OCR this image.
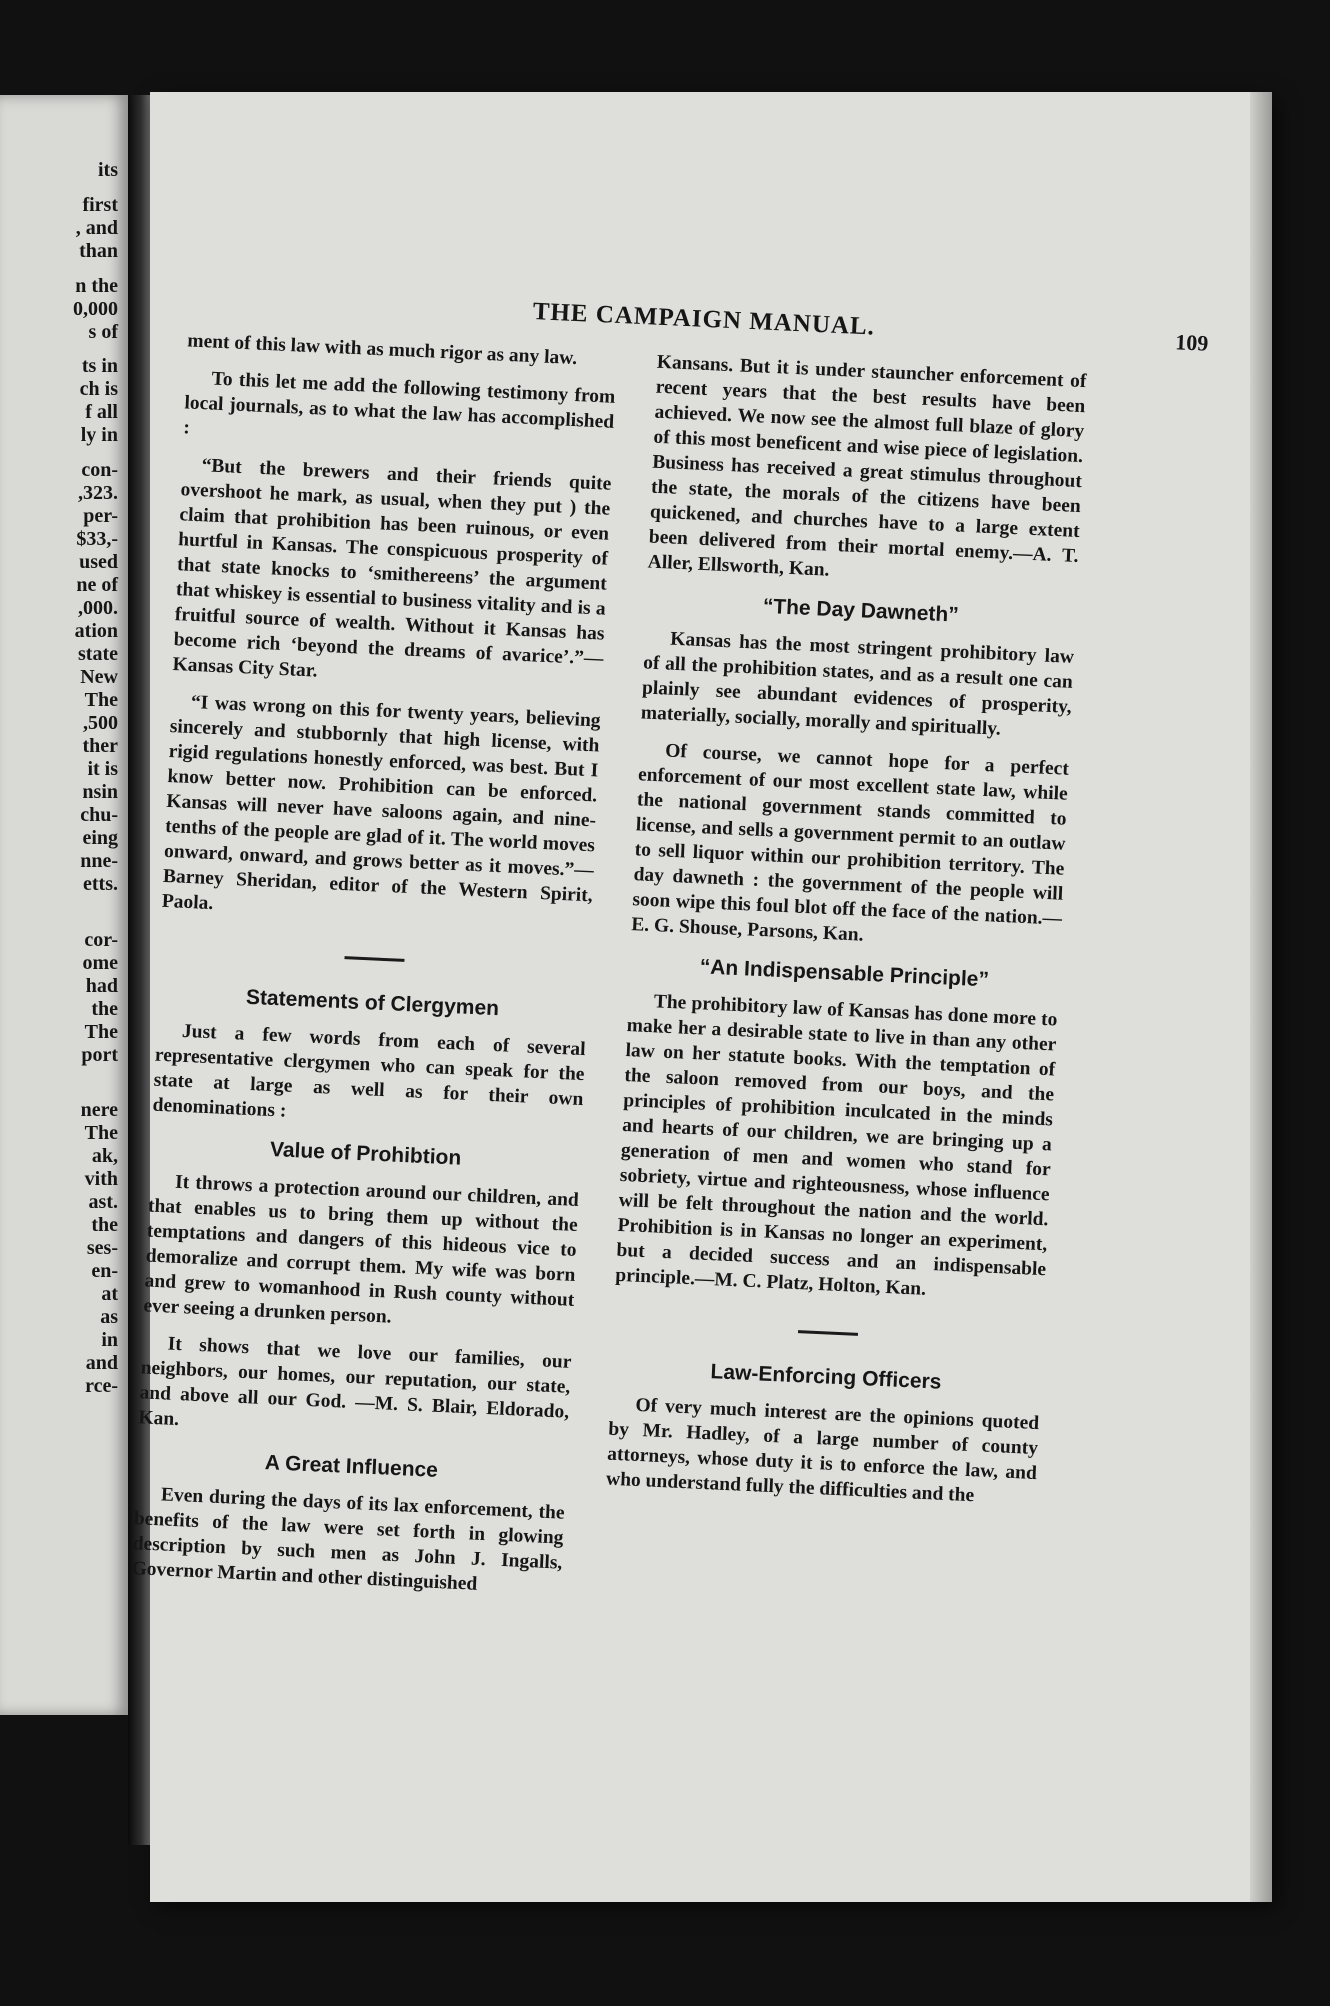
its
first
, and
than
n the
0,000
s of
ts in
ch is
f all
ly in
con-
,323.
per-
$33,-
used
ne of
,000.
ation
state
New
The
,500
ther
it is
nsin
chu-
eing
nne-
etts.
cor-
ome
had
the
The
port
nere
The
ak,
vith
ast.
the
ses-
en-
at
as
in
and
rce-
THE CAMPAIGN MANUAL.
109

ment of this law with as much rigor as any law.

To this let me add the following testimony from local journals, as to what the law has accomplished :

“But the brewers and their friends quite overshoot he mark, as usual, when they put ) the claim that prohibition has been ruinous, or even hurtful in Kansas. The conspicuous prosperity of that state knocks to ‘smithereens’ the argument that whiskey is essential to business vitality and is a fruitful source of wealth. Without it Kansas has become rich ‘beyond the dreams of avarice’.”—Kansas City Star.

“I was wrong on this for twenty years, believing sincerely and stubbornly that high license, with rigid regulations honestly enforced, was best. But I know better now. Prohibition can be enforced. Kansas will never have saloons again, and nine-tenths of the people are glad of it. The world moves onward, onward, and grows better as it moves.”—Barney Sheridan, editor of the Western Spirit, Paola.

Statements of Clergymen

Just a few words from each of several representative clergymen who can speak for the state at large as well as for their own denominations :

Value of Prohibtion

It throws a protection around our children, and that enables us to bring them up without the temptations and dangers of this hideous vice to demoralize and corrupt them. My wife was born and grew to womanhood in Rush county without ever seeing a drunken person.

It shows that we love our families, our neighbors, our homes, our reputation, our state, and above all our God. —M. S. Blair, Eldorado, Kan.

A Great Influence

Even during the days of its lax enforcement, the benefits of the law were set forth in glowing description by such men as John J. Ingalls, Governor Martin and other distinguished

Kansans. But it is under stauncher enforcement of recent years that the best results have been achieved. We now see the almost full blaze of glory of this most beneficent and wise piece of legislation. Business has received a great stimulus throughout the state, the morals of the citizens have been quickened, and churches have to a large extent been delivered from their mortal enemy.—A. T. Aller, Ellsworth, Kan.

“The Day Dawneth”

Kansas has the most stringent prohibitory law of all the prohibition states, and as a result one can plainly see abundant evidences of prosperity, materially, socially, morally and spiritually.

Of course, we cannot hope for a perfect enforcement of our most excellent state law, while the national government stands committed to license, and sells a government permit to an outlaw to sell liquor within our prohibition territory. The day dawneth : the government of the people will soon wipe this foul blot off the face of the nation.—E. G. Shouse, Parsons, Kan.

“An Indispensable Principle”

The prohibitory law of Kansas has done more to make her a desirable state to live in than any other law on her statute books. With the temptation of the saloon removed from our boys, and the principles of prohibition inculcated in the minds and hearts of our children, we are bringing up a generation of men and women who stand for sobriety, virtue and righteousness, whose influence will be felt throughout the nation and the world. Prohibition is in Kansas no longer an experiment, but a decided success and an indispensable principle.—M. C. Platz, Holton, Kan.

Law-Enforcing Officers

Of very much interest are the opinions quoted by Mr. Hadley, of a large number of county attorneys, whose duty it is to enforce the law, and who understand fully the difficulties and the
